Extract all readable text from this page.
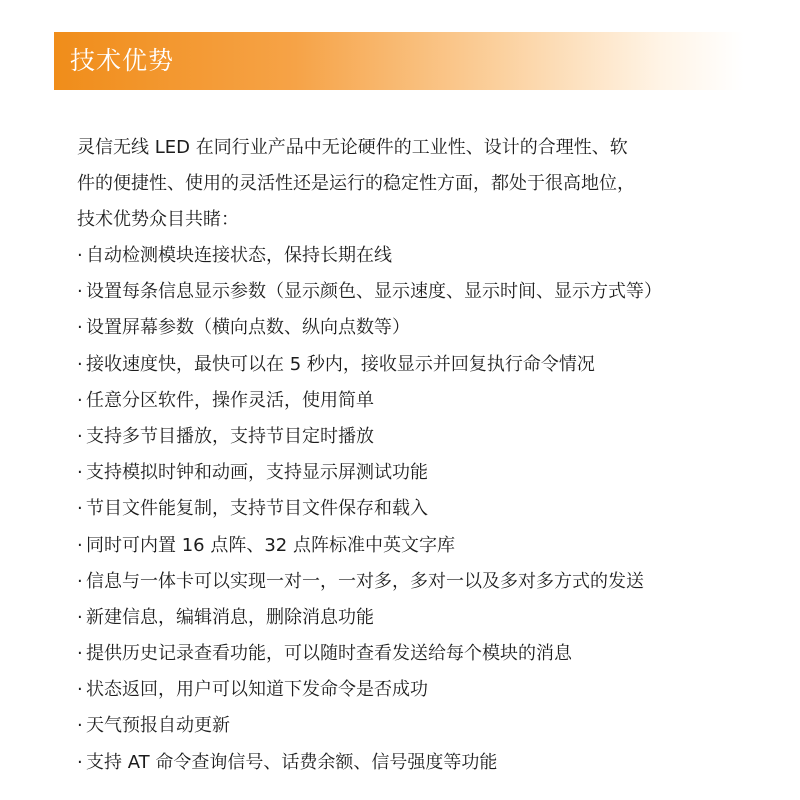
技术优势

灵信无线 LED 在同行业产品中无论硬件的工业性、设计的合理性、软
件的便捷性、使用的灵活性还是运行的稳定性方面，都处于很高地位，
技术优势众目共睹：

· 自动检测模块连接状态，保持长期在线
· 设置每条信息显示参数（显示颜色、显示速度、显示时间、显示方式等）
· 设置屏幕参数（横向点数、纵向点数等）
· 接收速度快，最快可以在 5 秒内，接收显示并回复执行命令情况
· 任意分区软件，操作灵活，使用简单
· 支持多节目播放，支持节目定时播放
· 支持模拟时钟和动画，支持显示屏测试功能
· 节目文件能复制，支持节目文件保存和载入
· 同时可内置 16 点阵、32 点阵标准中英文字库
· 信息与一体卡可以实现一对一，一对多，多对一以及多对多方式的发送
· 新建信息，编辑消息，删除消息功能
· 提供历史记录查看功能，可以随时查看发送给每个模块的消息
· 状态返回，用户可以知道下发命令是否成功
· 天气预报自动更新
· 支持 AT 命令查询信号、话费余额、信号强度等功能
